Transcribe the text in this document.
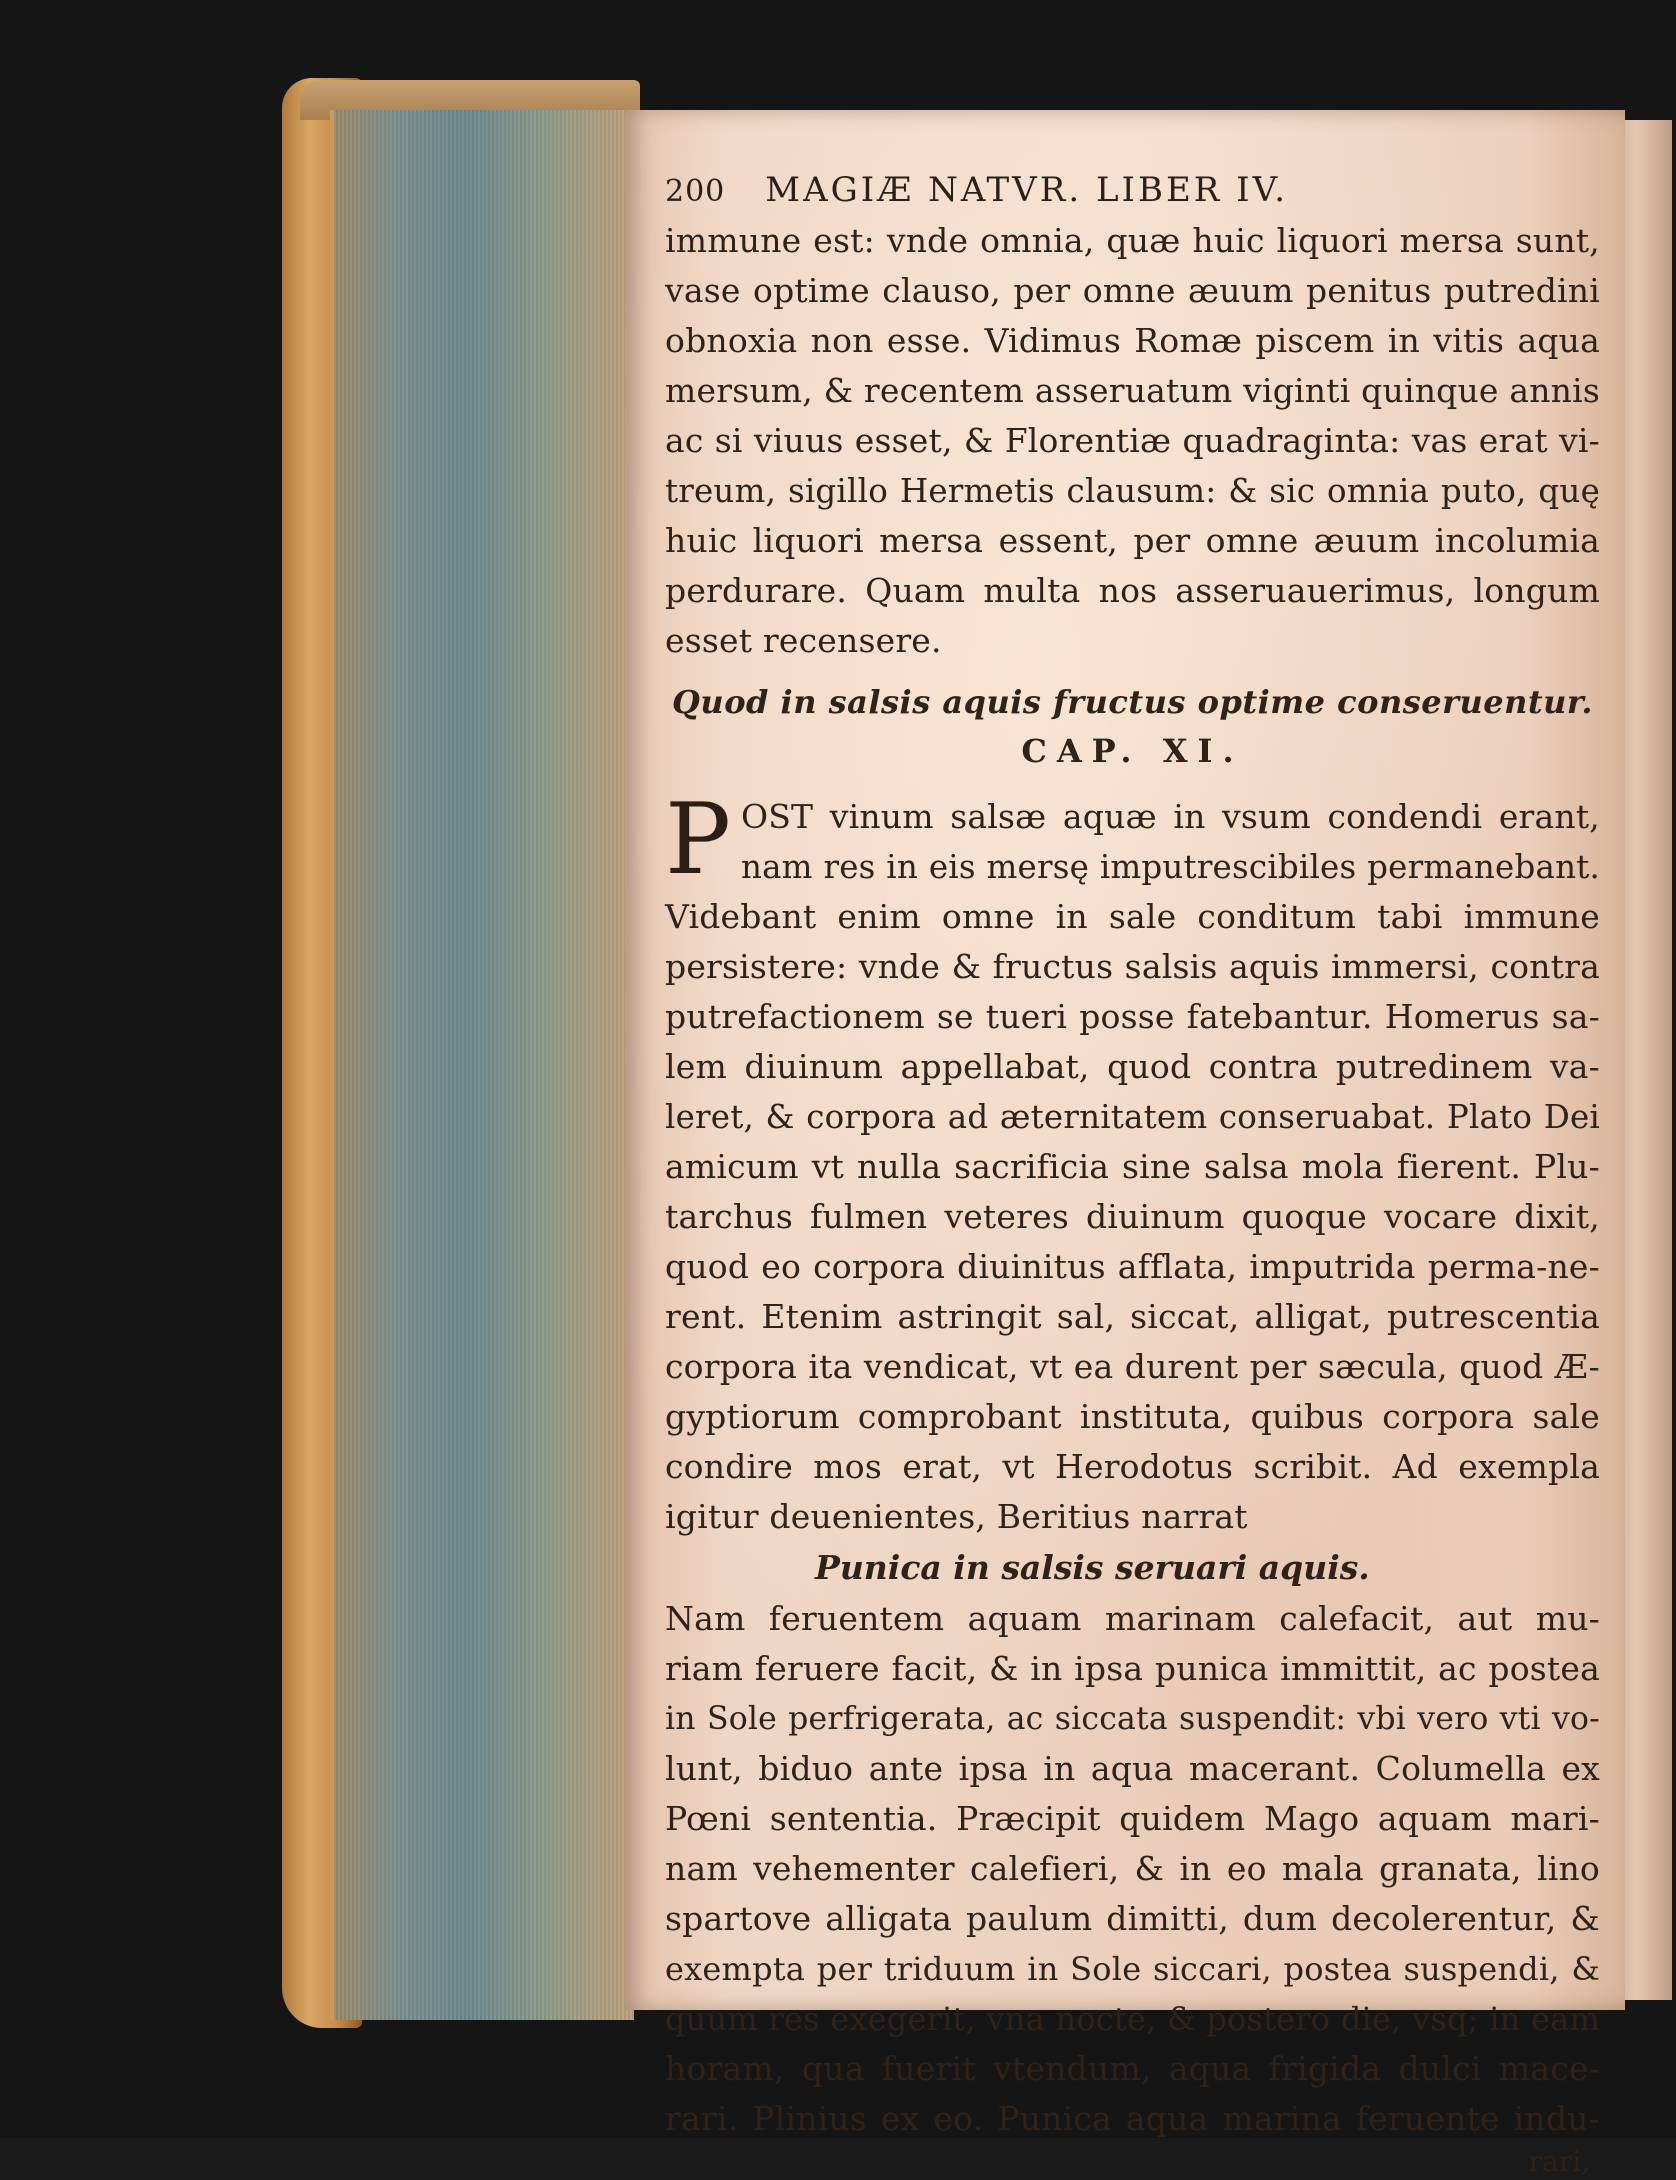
200 MAGIÆ NATVR. LIBER IV.
immune est: vnde omnia, quæ huic liquori mersa sunt,
vase optime clauso, per omne æuum penitus putredini
obnoxia non esse. Vidimus Romæ piscem in vitis aqua
mersum, & recentem asseruatum viginti quinque annis
ac si viuus esset, & Florentiæ quadraginta: vas erat vi-
treum, sigillo Hermetis clausum: & sic omnia puto, quę
huic liquori mersa essent, per omne æuum incolumia
perdurare. Quam multa nos asseruauerimus, longum
esset recensere.
Quod in salsis aquis fructus optime conseruentur.
CAP. XI.
P OST vinum salsæ aquæ in vsum condendi erant,
nam res in eis mersę imputrescibiles permanebant.
Videbant enim omne in sale conditum tabi immune
persistere: vnde & fructus salsis aquis immersi, contra
putrefactionem se tueri posse fatebantur. Homerus sa-
lem diuinum appellabat, quod contra putredinem va-
leret, & corpora ad æternitatem conseruabat. Plato Dei
amicum vt nulla sacrificia sine salsa mola fierent. Plu-
tarchus fulmen veteres diuinum quoque vocare dixit,
quod eo corpora diuinitus afflata, imputrida perma-ne-
rent. Etenim astringit sal, siccat, alligat, putrescentia
corpora ita vendicat, vt ea durent per sæcula, quod Æ-
gyptiorum comprobant instituta, quibus corpora sale
condire mos erat, vt Herodotus scribit. Ad exempla
igitur deuenientes, Beritius narrat
Punica in salsis seruari aquis.
Nam feruentem aquam marinam calefacit, aut mu-
riam feruere facit, & in ipsa punica immittit, ac postea
in Sole perfrigerata, ac siccata suspendit: vbi vero vti vo-
lunt, biduo ante ipsa in aqua macerant. Columella ex
Pœni sententia. Præcipit quidem Mago aquam mari-
nam vehementer calefieri, & in eo mala granata, lino
spartove alligata paulum dimitti, dum decolerentur, &
exempta per triduum in Sole siccari, postea suspendi, &
quum res exegerit, vna nocte, & postero die, vsq; in eam
horam, qua fuerit vtendum, aqua frigida dulci mace-
rari. Plinius ex eo. Punica aqua marina feruente indu-
rari,
